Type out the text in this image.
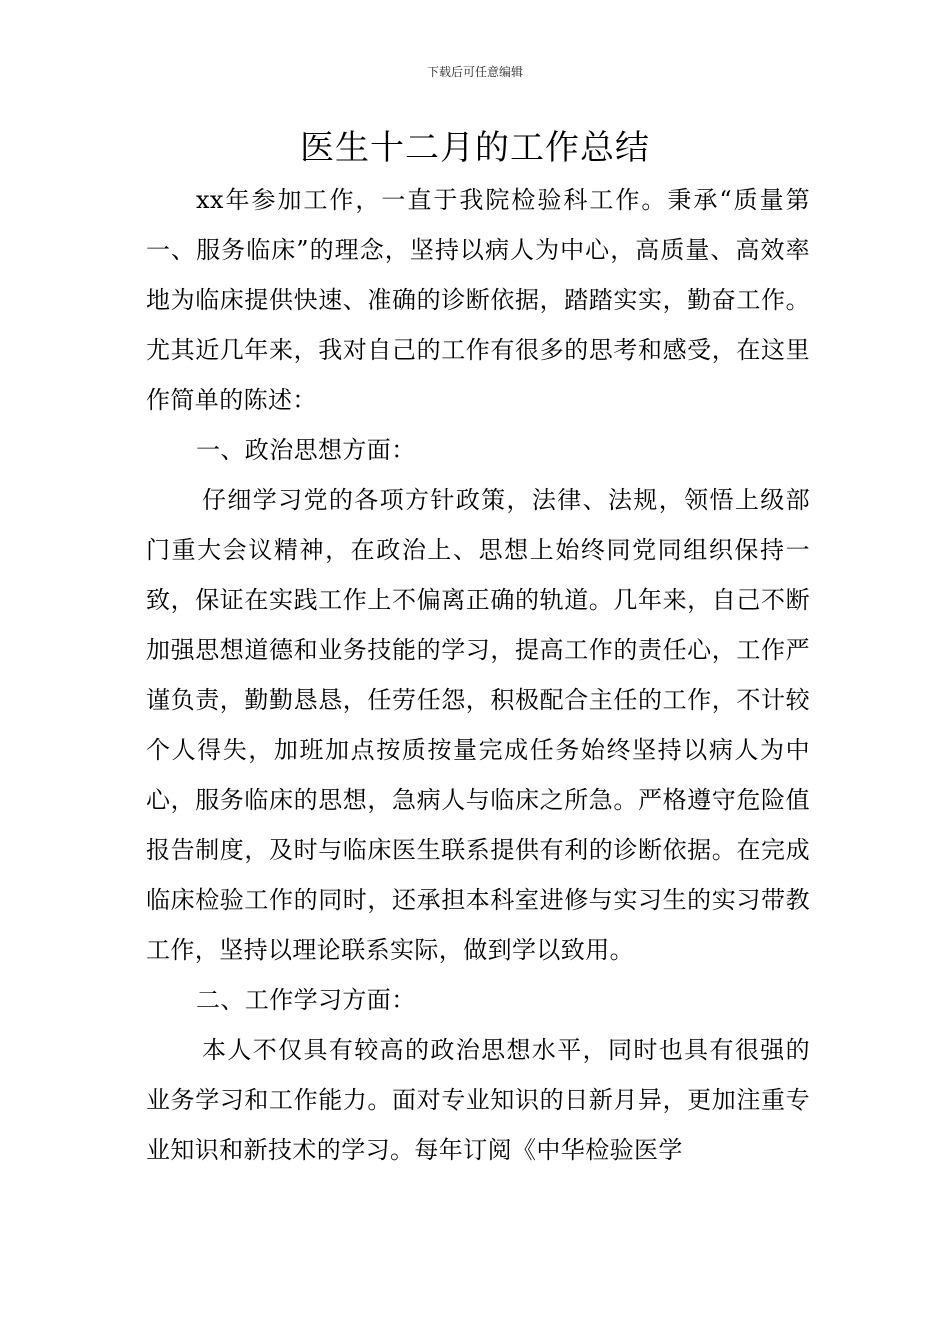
下载后可任意编辑
医生十二月的工作总结

xx年参加工作，一直于我院检验科工作。秉承“质量第一、服务临床”的理念，坚持以病人为中心，高质量、高效率地为临床提供快速、准确的诊断依据，踏踏实实，勤奋工作。尤其近几年来，我对自己的工作有很多的思考和感受，在这里作简单的陈述：

一、政治思想方面：

仔细学习党的各项方针政策，法律、法规，领悟上级部门重大会议精神，在政治上、思想上始终同党同组织保持一致，保证在实践工作上不偏离正确的轨道。几年来，自己不断加强思想道德和业务技能的学习，提高工作的责任心，工作严谨负责，勤勤恳恳，任劳任怨，积极配合主任的工作，不计较个人得失，加班加点按质按量完成任务始终坚持以病人为中心，服务临床的思想，急病人与临床之所急。严格遵守危险值报告制度，及时与临床医生联系提供有利的诊断依据。在完成临床检验工作的同时，还承担本科室进修与实习生的实习带教工作，坚持以理论联系实际，做到学以致用。

二、工作学习方面：

本人不仅具有较高的政治思想水平，同时也具有很强的业务学习和工作能力。面对专业知识的日新月异，更加注重专业知识和新技术的学习。每年订阅《中华检验医学
